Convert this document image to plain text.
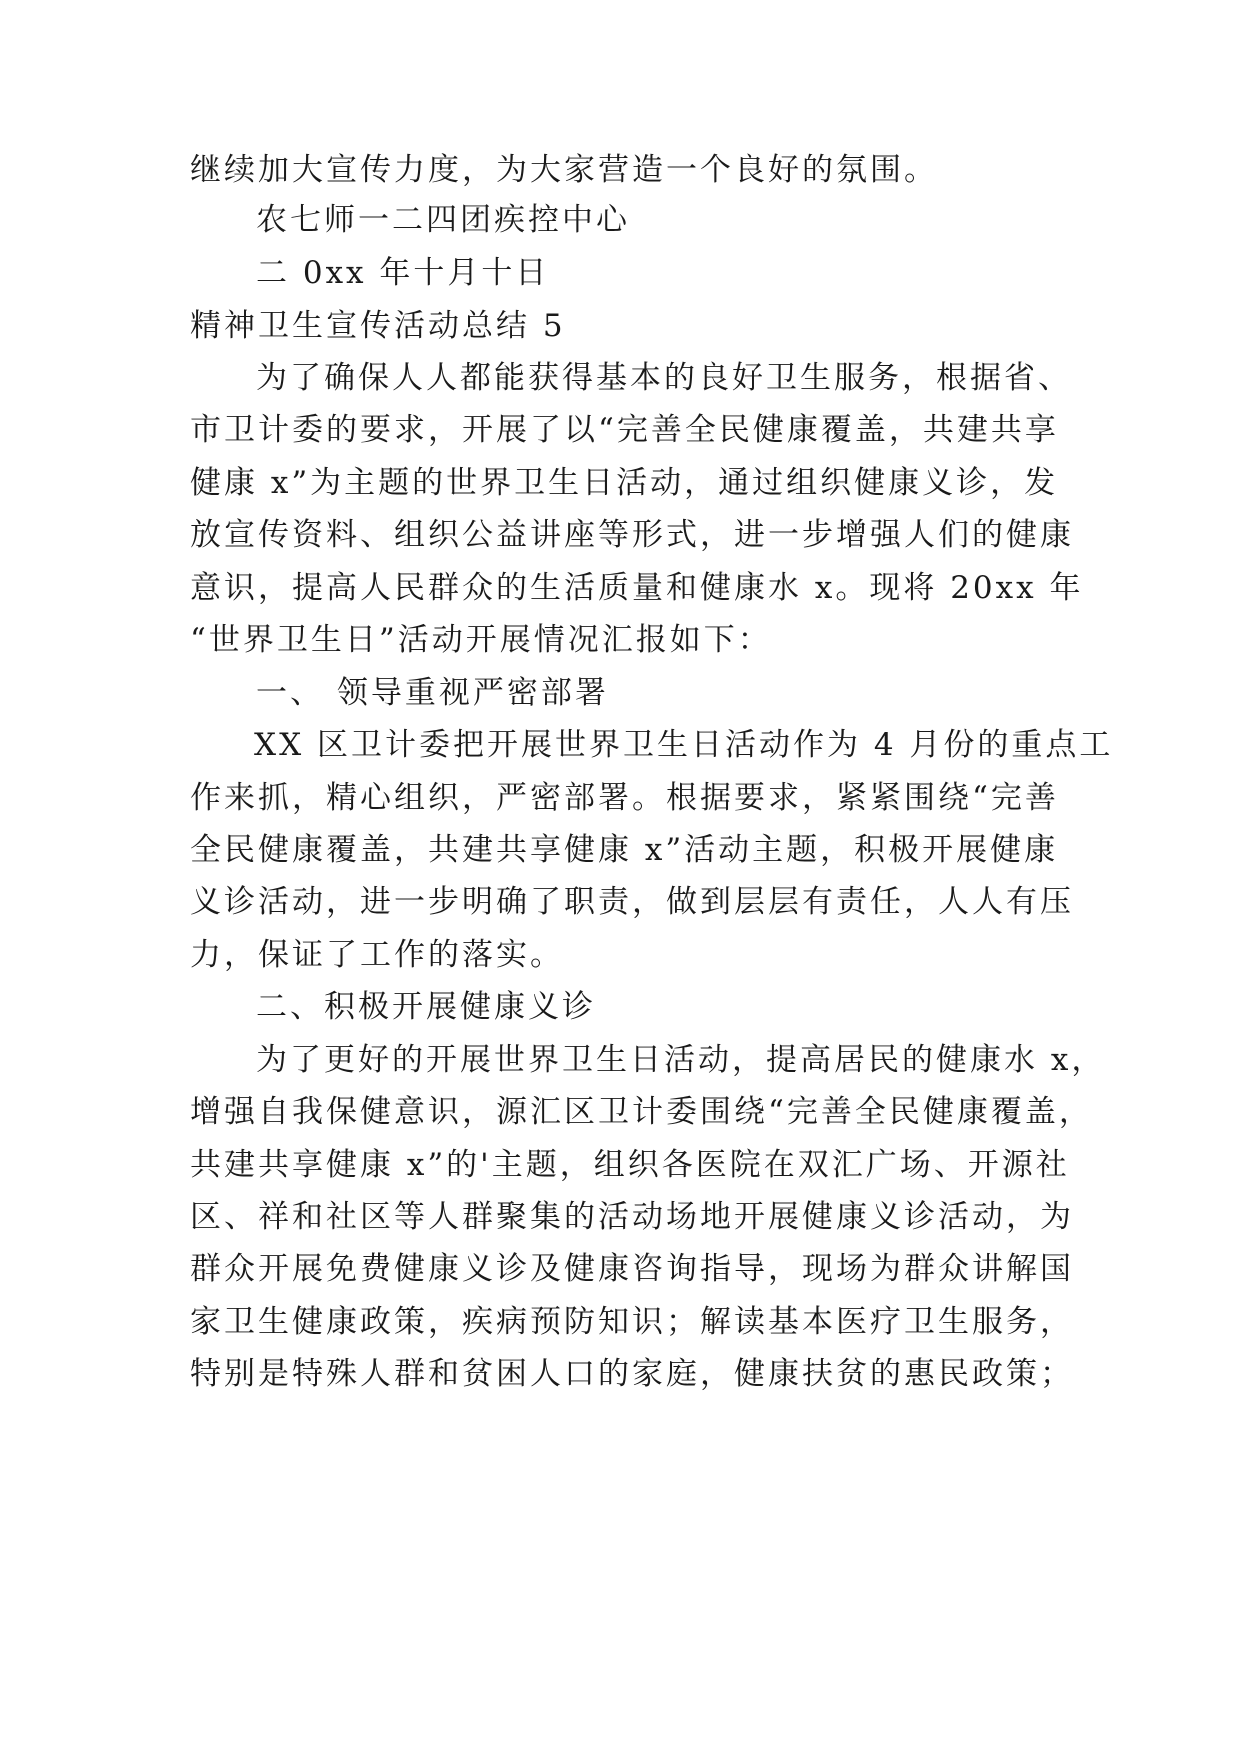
继续加大宣传力度，为大家营造一个良好的氛围。
农七师一二四团疾控中心
二 0xx 年十月十日
精神卫生宣传活动总结 5
为了确保人人都能获得基本的良好卫生服务，根据省、
市卫计委的要求，开展了以“完善全民健康覆盖，共建共享
健康 x”为主题的世界卫生日活动，通过组织健康义诊，发
放宣传资料、组织公益讲座等形式，进一步增强人们的健康
意识，提高人民群众的生活质量和健康水 x。现将 20xx 年
“世界卫生日”活动开展情况汇报如下：
一、 领导重视严密部署
XX 区卫计委把开展世界卫生日活动作为 4 月份的重点工
作来抓，精心组织，严密部署。根据要求，紧紧围绕“完善
全民健康覆盖，共建共享健康 x”活动主题，积极开展健康
义诊活动，进一步明确了职责，做到层层有责任，人人有压
力，保证了工作的落实。
二、积极开展健康义诊
为了更好的开展世界卫生日活动，提高居民的健康水 x，
增强自我保健意识，源汇区卫计委围绕“完善全民健康覆盖，
共建共享健康 x”的'主题，组织各医院在双汇广场、开源社
区、祥和社区等人群聚集的活动场地开展健康义诊活动，为
群众开展免费健康义诊及健康咨询指导，现场为群众讲解国
家卫生健康政策，疾病预防知识；解读基本医疗卫生服务，
特别是特殊人群和贫困人口的家庭，健康扶贫的惠民政策；
